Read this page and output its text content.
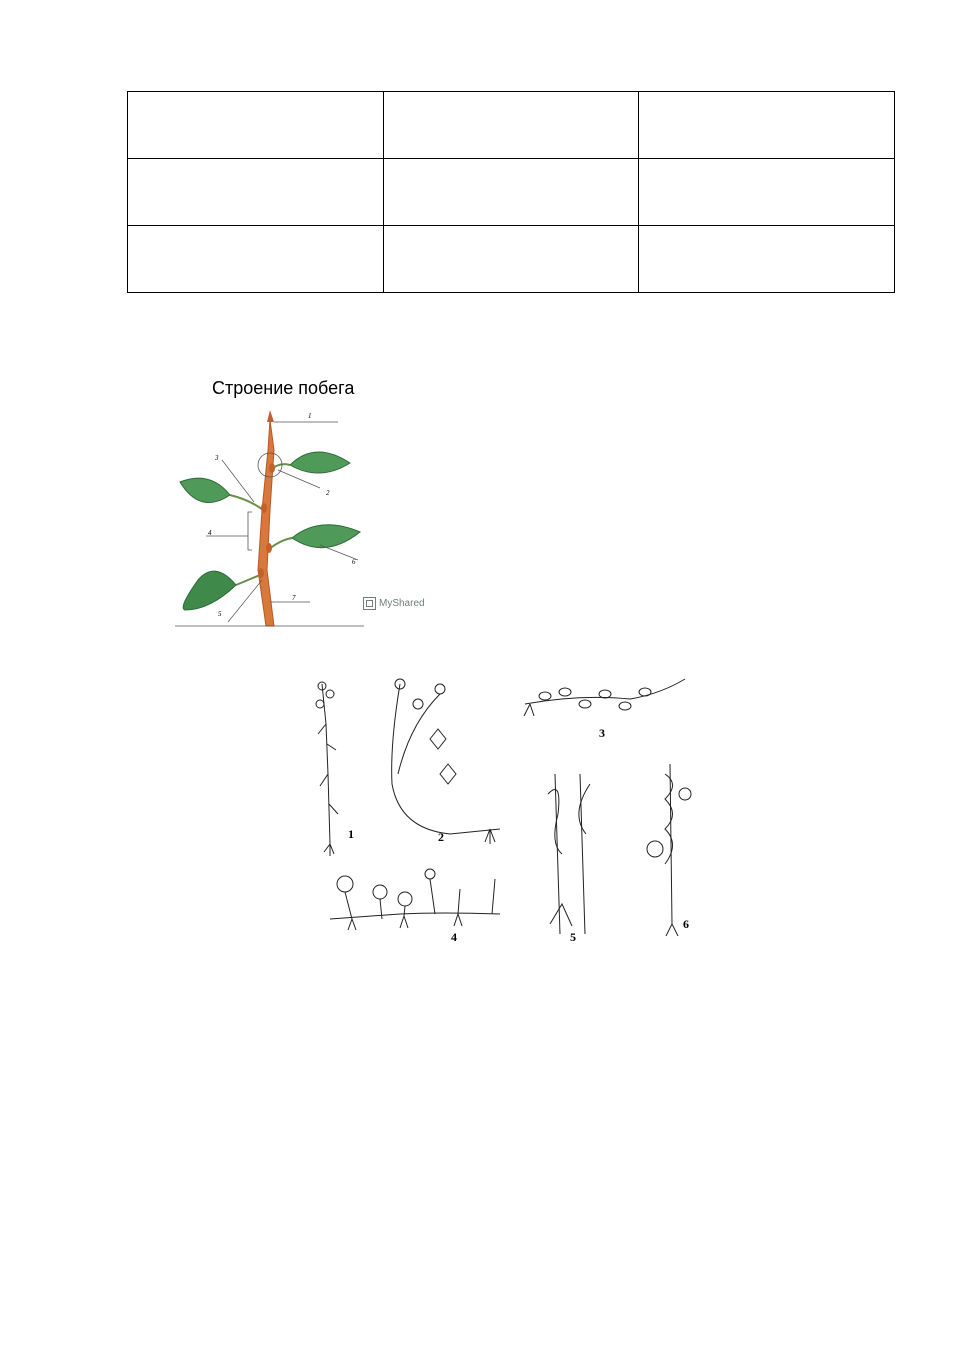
1
2
3
4
5
6
7
Строение побега
MyShared
1	2
3
4	5
6
